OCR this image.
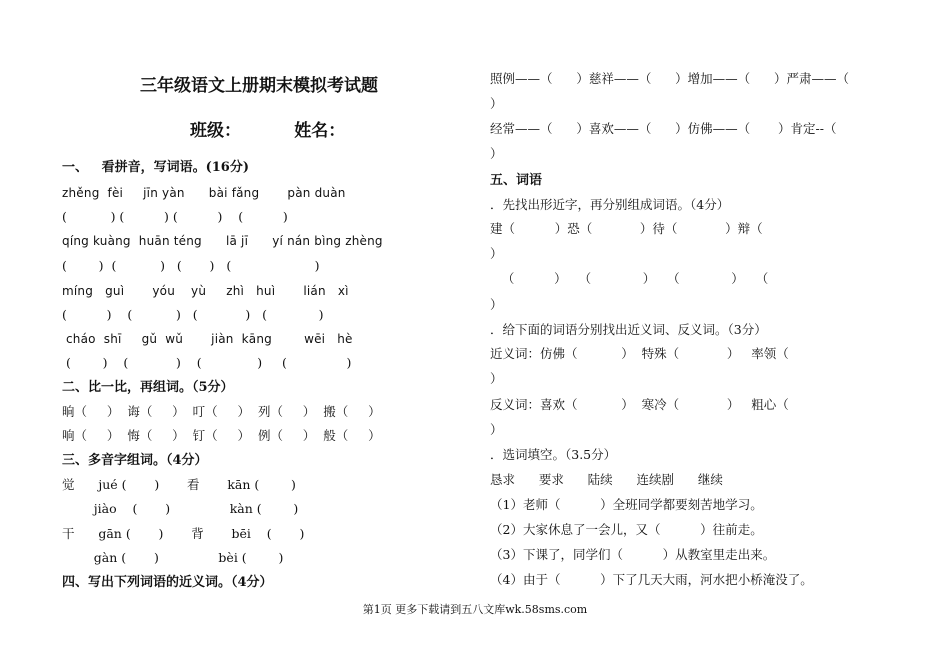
三年级语文上册期末模拟考试题
班级：         姓名：
一、   看拼音，写词语。(16分)
zhěng  fèi     jīn yàn      bài fǎng       pàn duàn
(           ) (          ) (          )    (          )
qíng kuàng  huān téng      lā jī      yí nán bìng zhèng
(        )  (           )   (       )   (                     )
míng   guì       yóu    yù     zhì   huì       lián   xì
(          )    (           )   (            )   (             )
cháo  shī     gǔ  wǔ       jiàn  kāng        wēi   hè
(        )    (            )    (              )     (               )
二、比一比，再组词。（5分）
晌（     ）  诲（     ）  叮（     ）  列（     ）  搬（     ）
响（     ）  悔（     ）  钉（     ）  例（     ）  般（     ）
三、多音字组词。（4分）
觉      jué (       )       看       kān (        )
jiào    (       )               kàn (        )
干      gān (       )       背       bēi    (       )
gàn (       )               bèi (        )
四、写出下列词语的近义词。（4分）
照例——（      ）慈祥——（      ）增加——（      ）严肃——（
）
经常——（      ）喜欢——（      ）仿佛——（       ）肯定--（
）
五、词语
．先找出形近字，再分别组成词语。（4分）
建（          ）恐（            ）待（            ）辩（
）
（          ）   （             ）   （             ）   （
）
．给下面的词语分别找出近义词、反义词。（3分）
近义词：仿佛（           ）  特殊（            ）   率领（
）
反义词：喜欢（           ）  寒冷（            ）   粗心（
）
．选词填空。（3.5分）
恳求      要求      陆续      连续剧      继续
（1）老师（          ）全班同学都要刻苦地学习。
（2）大家休息了一会儿，又（          ）往前走。
（3）下课了，同学们（          ）从教室里走出来。
（4）由于（          ）下了几天大雨，河水把小桥淹没了。
第1页 更多下载请到五八文库wk.58sms.com
